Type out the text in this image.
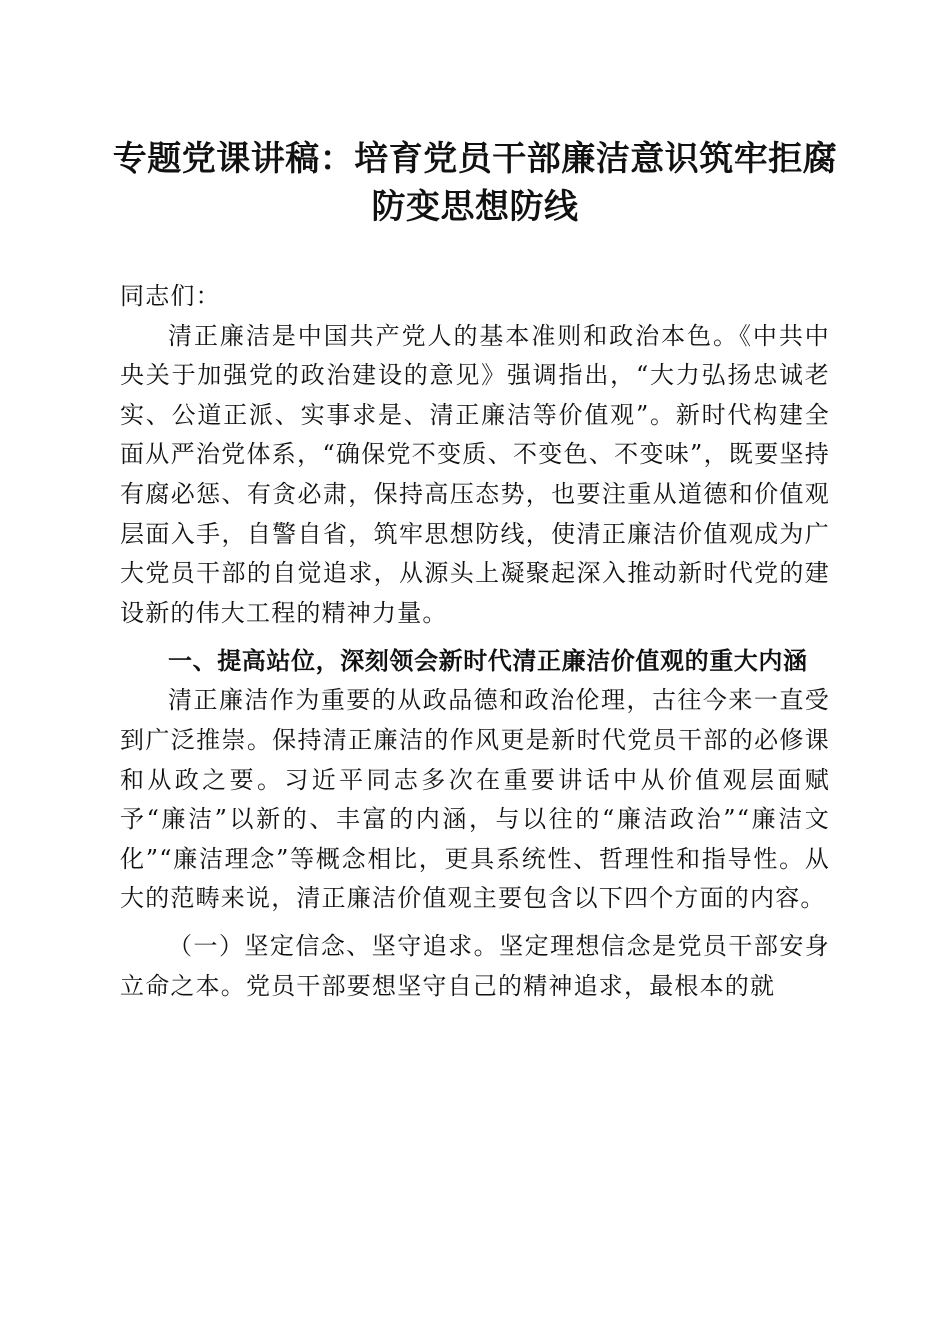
专题党课讲稿：培育党员干部廉洁意识筑牢拒腐防变思想防线

同志们：

清正廉洁是中国共产党人的基本准则和政治本色。《中共中央关于加强党的政治建设的意见》强调指出，“大力弘扬忠诚老实、公道正派、实事求是、清正廉洁等价值观”。新时代构建全面从严治党体系，“确保党不变质、不变色、不变味”，既要坚持有腐必惩、有贪必肃，保持高压态势，也要注重从道德和价值观层面入手，自警自省，筑牢思想防线，使清正廉洁价值观成为广大党员干部的自觉追求，从源头上凝聚起深入推动新时代党的建设新的伟大工程的精神力量。

一、提高站位，深刻领会新时代清正廉洁价值观的重大内涵

清正廉洁作为重要的从政品德和政治伦理，古往今来一直受到广泛推崇。保持清正廉洁的作风更是新时代党员干部的必修课和从政之要。习近平同志多次在重要讲话中从价值观层面赋予“廉洁”以新的、丰富的内涵，与以往的“廉洁政治”“廉洁文化”“廉洁理念”等概念相比，更具系统性、哲理性和指导性。从大的范畴来说，清正廉洁价值观主要包含以下四个方面的内容。

（一）坚定信念、坚守追求。坚定理想信念是党员干部安身立命之本。党员干部要想坚守自己的精神追求，最根本的就
